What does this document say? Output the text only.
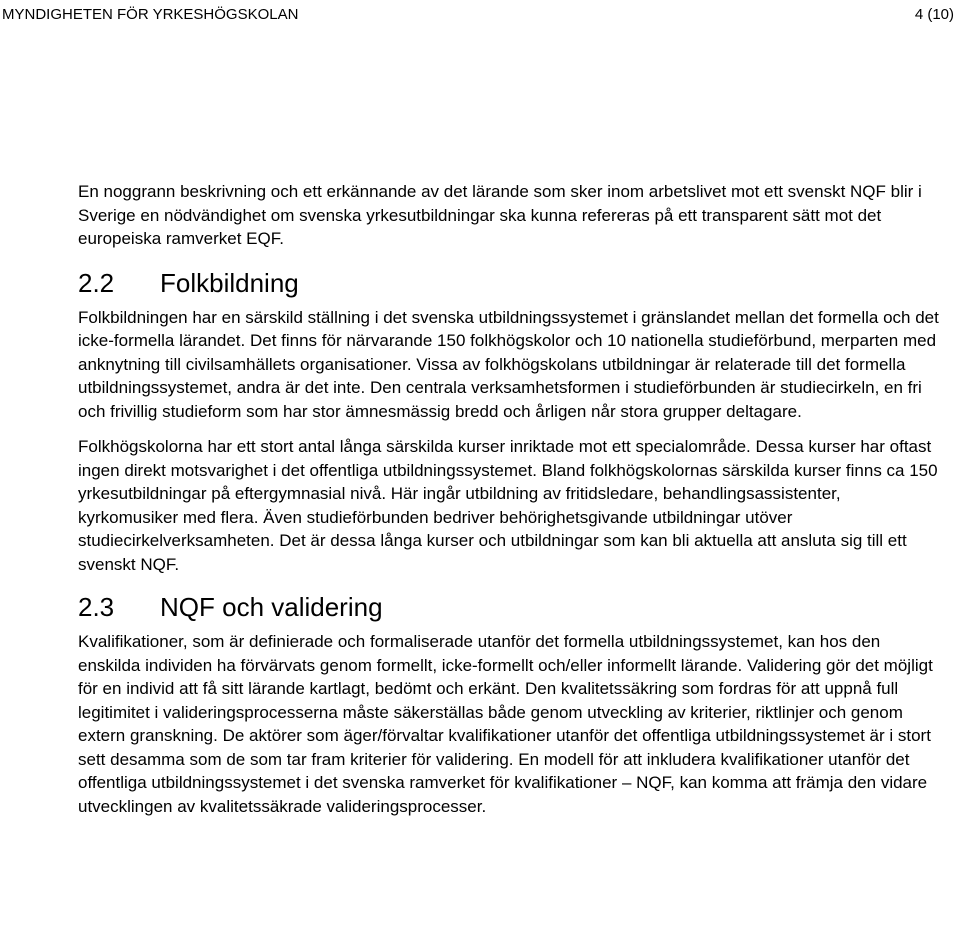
MYNDIGHETEN FÖR YRKESHÖGSKOLAN	4 (10)

En noggrann beskrivning och ett erkännande av det lärande som sker inom arbetslivet mot ett svenskt NQF blir i Sverige en nödvändighet om svenska yrkesutbildningar ska kunna refereras på ett transparent sätt mot det europeiska ramverket EQF.

2.2	Folkbildning

Folkbildningen har en särskild ställning i det svenska utbildningssystemet i gränslandet mellan det formella och det icke-formella lärandet. Det finns för närvarande 150 folkhögskolor och 10 nationella studieförbund, merparten med anknytning till civilsamhällets organisationer. Vissa av folkhögskolans utbildningar är relaterade till det formella utbildningssystemet, andra är det inte. Den centrala verksamhetsformen i studieförbunden är studiecirkeln, en fri och frivillig studieform som har stor ämnesmässig bredd och årligen når stora grupper deltagare.

Folkhögskolorna har ett stort antal långa särskilda kurser inriktade mot ett specialområde. Dessa kurser har oftast ingen direkt motsvarighet i det offentliga utbildningssystemet. Bland folkhögskolornas särskilda kurser finns ca 150 yrkesutbildningar på eftergymnasial nivå. Här ingår utbildning av fritidsledare, behandlingsassistenter, kyrkomusiker med flera. Även studieförbunden bedriver behörighetsgivande utbildningar utöver studiecirkelverksamheten. Det är dessa långa kurser och utbildningar som kan bli aktuella att ansluta sig till ett svenskt NQF.

2.3	NQF och validering

Kvalifikationer, som är definierade och formaliserade utanför det formella utbildningssystemet, kan hos den enskilda individen ha förvärvats genom formellt, icke-formellt och/eller informellt lärande. Validering gör det möjligt för en individ att få sitt lärande kartlagt, bedömt och erkänt. Den kvalitetssäkring som fordras för att uppnå full legitimitet i valideringsprocesserna måste säkerställas både genom utveckling av kriterier, riktlinjer och genom extern granskning. De aktörer som äger/förvaltar kvalifikationer utanför det offentliga utbildningssystemet är i stort sett desamma som de som tar fram kriterier för validering. En modell för att inkludera kvalifikationer utanför det offentliga utbildningssystemet i det svenska ramverket för kvalifikationer – NQF, kan komma att främja den vidare utvecklingen av kvalitetssäkrade valideringsprocesser.
